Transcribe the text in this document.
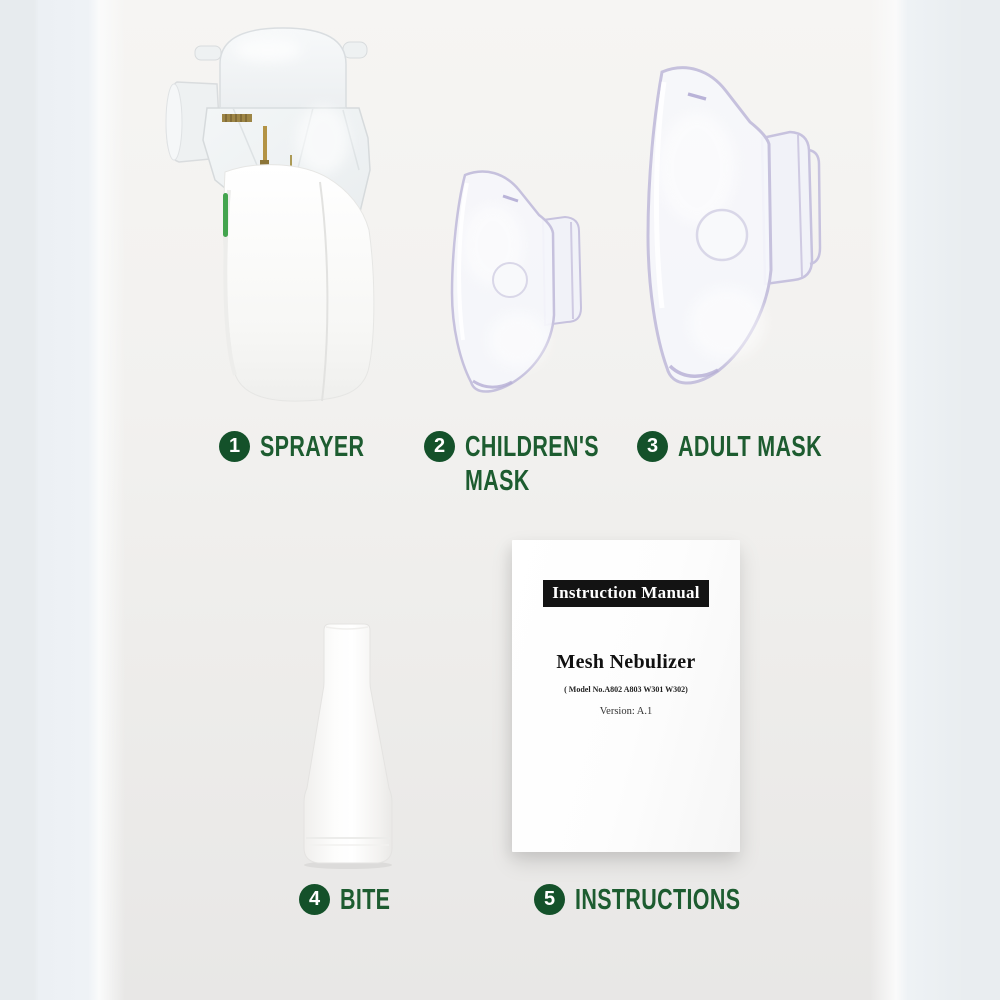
Instruction Manual
Mesh Nebulizer
( Model No.A802 A803 W301 W302)
Version: A.1
1 SPRAYER	2 CHILDREN'S MASK
3 ADULT MASK
4 BITE	5 INSTRUCTIONS
